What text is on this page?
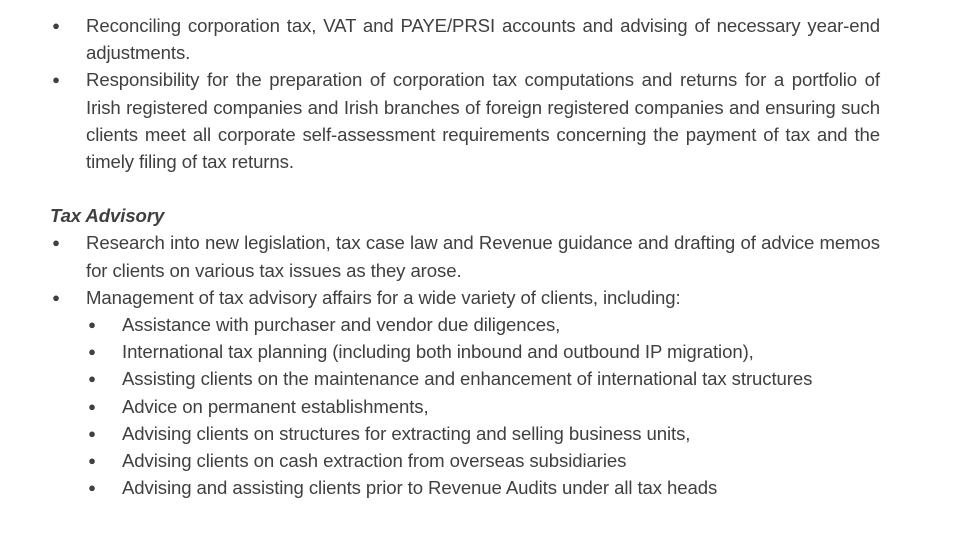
● Reconciling corporation tax, VAT and PAYE/PRSI accounts and advising of necessary year-end adjustments.
● Responsibility for the preparation of corporation tax computations and returns for a portfolio of Irish registered companies and Irish branches of foreign registered companies and ensuring such clients meet all corporate self-assessment requirements concerning the payment of tax and the timely filing of tax returns.

Tax Advisory

● Research into new legislation, tax case law and Revenue guidance and drafting of advice memos for clients on various tax issues as they arose.
● Management of tax advisory affairs for a wide variety of clients, including:
● Assistance with purchaser and vendor due diligences,
● International tax planning (including both inbound and outbound IP migration),
● Assisting clients on the maintenance and enhancement of international tax structures
● Advice on permanent establishments,
● Advising clients on structures for extracting and selling business units,
● Advising clients on cash extraction from overseas subsidiaries
● Advising and assisting clients prior to Revenue Audits under all tax heads
